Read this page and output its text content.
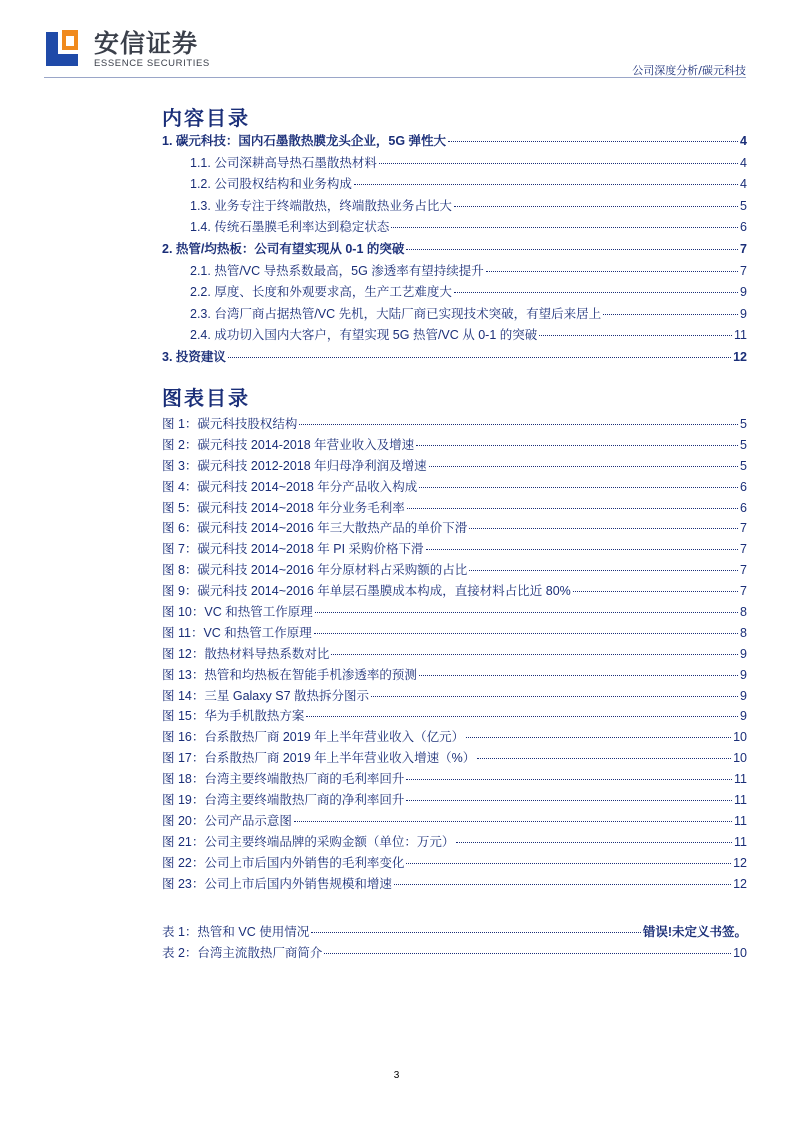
安信证券
ESSENCE SECURITIES
公司深度分析/碳元科技
内容目录
1. 碳元科技：国内石墨散热膜龙头企业，5G 弹性大	4
1.1. 公司深耕高导热石墨散热材料	4
1.2. 公司股权结构和业务构成	4
1.3. 业务专注于终端散热，终端散热业务占比大	5
1.4. 传统石墨膜毛利率达到稳定状态	6
2. 热管/均热板：公司有望实现从 0-1 的突破	7
2.1. 热管/VC 导热系数最高，5G 渗透率有望持续提升	7
2.2. 厚度、长度和外观要求高，生产工艺难度大	9
2.3. 台湾厂商占据热管/VC 先机，大陆厂商已实现技术突破，有望后来居上	9
2.4. 成功切入国内大客户，有望实现 5G 热管/VC 从 0-1 的突破	11
3. 投资建议	12
图表目录
图 1：碳元科技股权结构	5
图 2：碳元科技 2014-2018 年营业收入及增速	5
图 3：碳元科技 2012-2018 年归母净利润及增速	5
图 4：碳元科技 2014~2018 年分产品收入构成	6
图 5：碳元科技 2014~2018 年分业务毛利率	6
图 6：碳元科技 2014~2016 年三大散热产品的单价下滑	7
图 7：碳元科技 2014~2018 年 PI 采购价格下滑	7
图 8：碳元科技 2014~2016 年分原材料占采购额的占比	7
图 9：碳元科技 2014~2016 年单层石墨膜成本构成，直接材料占比近 80%	7
图 10：VC 和热管工作原理	8
图 11：VC 和热管工作原理	8
图 12：散热材料导热系数对比	9
图 13：热管和均热板在智能手机渗透率的预测	9
图 14：三星 Galaxy S7 散热拆分图示	9
图 15：华为手机散热方案	9
图 16：台系散热厂商 2019 年上半年营业收入（亿元）	10
图 17：台系散热厂商 2019 年上半年营业收入增速（%）	10
图 18：台湾主要终端散热厂商的毛利率回升	11
图 19：台湾主要终端散热厂商的净利率回升	11
图 20：公司产品示意图	11
图 21：公司主要终端品牌的采购金额（单位：万元）	11
图 22：公司上市后国内外销售的毛利率变化	12
图 23：公司上市后国内外销售规模和增速	12
表 1：热管和 VC 使用情况	错误!未定义书签。
表 2：台湾主流散热厂商简介	10
3
